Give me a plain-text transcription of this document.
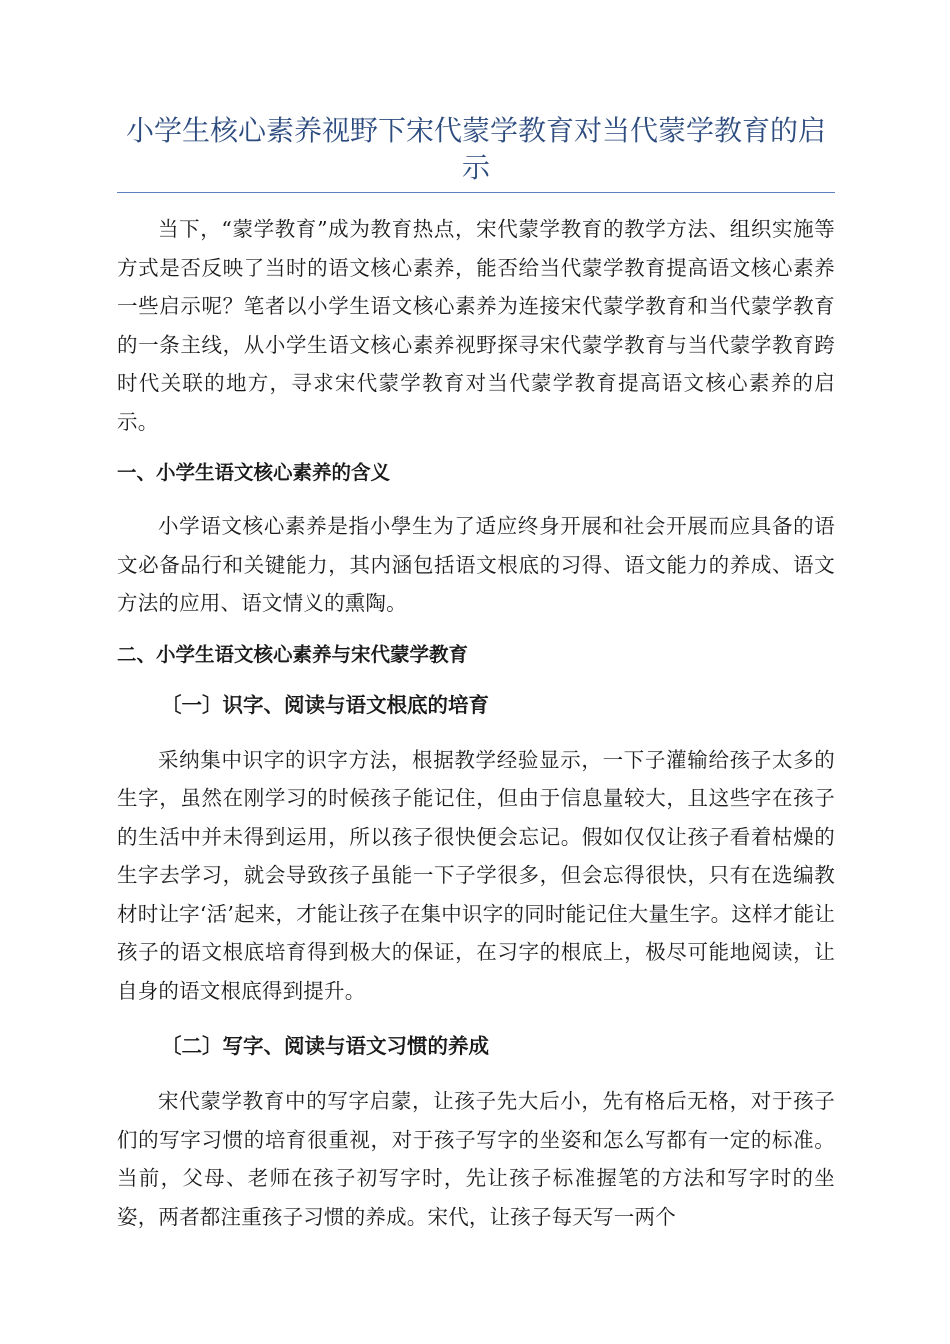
小学生核心素养视野下宋代蒙学教育对当代蒙学教育的启示

当下，“蒙学教育”成为教育热点，宋代蒙学教育的教学方法、组织实施等方式是否反映了当时的语文核心素养，能否给当代蒙学教育提高语文核心素养一些启示呢？笔者以小学生语文核心素养为连接宋代蒙学教育和当代蒙学教育的一条主线，从小学生语文核心素养视野探寻宋代蒙学教育与当代蒙学教育跨时代关联的地方，寻求宋代蒙学教育对当代蒙学教育提高语文核心素养的启示。

一、小学生语文核心素养的含义

小学语文核心素养是指小學生为了适应终身开展和社会开展而应具备的语文必备品行和关键能力，其内涵包括语文根底的习得、语文能力的养成、语文方法的应用、语文情义的熏陶。

二、小学生语文核心素养与宋代蒙学教育
〔一〕识字、阅读与语文根底的培育

采纳集中识字的识字方法，根据教学经验显示，一下子灌输给孩子太多的生字，虽然在刚学习的时候孩子能记住，但由于信息量较大，且这些字在孩子的生活中并未得到运用，所以孩子很快便会忘记。假如仅仅让孩子看着枯燥的生字去学习，就会导致孩子虽能一下子学很多，但会忘得很快，只有在选编教材时让字‘活’起来，才能让孩子在集中识字的同时能记住大量生字。这样才能让孩子的语文根底培育得到极大的保证，在习字的根底上，极尽可能地阅读，让自身的语文根底得到提升。

〔二〕写字、阅读与语文习惯的养成

宋代蒙学教育中的写字启蒙，让孩子先大后小，先有格后无格，对于孩子们的写字习惯的培育很重视，对于孩子写字的坐姿和怎么写都有一定的标准。当前，父母、老师在孩子初写字时，先让孩子标准握笔的方法和写字时的坐姿，两者都注重孩子习惯的养成。宋代，让孩子每天写一两个
